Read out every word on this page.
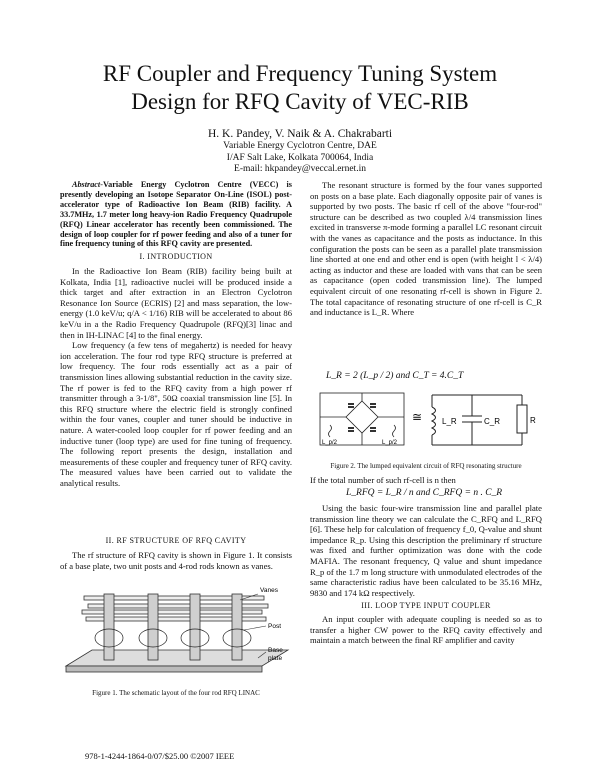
RF Coupler and Frequency Tuning System
Design for RFQ Cavity of VEC-RIB
H. K. Pandey, V. Naik & A. Chakrabarti
Variable Energy Cyclotron Centre, DAE
I/AF Salt Lake, Kolkata 700064, India
E-mail: hkpandey@veccal.ernet.in

Abstract-Variable Energy Cyclotron Centre (VECC) is presently developing an Isotope Separator On-Line (ISOL) post-accelerator type of Radioactive Ion Beam (RIB) facility. A 33.7MHz, 1.7 meter long heavy-ion Radio Frequency Quadrupole (RFQ) Linear accelerator has recently been commissioned. The design of loop coupler for rf power feeding and also of a tuner for fine frequency tuning of this RFQ cavity are presented.

I. INTRODUCTION

In the Radioactive Ion Beam (RIB) facility being built at Kolkata, India [1], radioactive nuclei will be produced inside a thick target and after extraction in an Electron Cyclotron Resonance Ion Source (ECRIS) [2] and mass separation, the low-energy (1.0 keV/u; q/A < 1/16) RIB will be accelerated to about 86 keV/u in a the Radio Frequency Quadrupole (RFQ)[3] linac and then in IH-LINAC [4] to the final energy.

Low frequency (a few tens of megahertz) is needed for heavy ion acceleration. The four rod type RFQ structure is preferred at low frequency. The four rods essentially act as a pair of transmission lines allowing substantial reduction in the cavity size. The rf power is fed to the RFQ cavity from a high power rf transmitter through a 3-1/8", 50Ω coaxial transmission line [5]. In this RFQ structure where the electric field is strongly confined within the four vanes, coupler and tuner should be inductive in nature. A water-cooled loop coupler for rf power feeding and an inductive tuner (loop type) are used for fine tuning of frequency. The following report presents the design, installation and measurements of these coupler and frequency tuner of RFQ cavity. The measured values have been carried out to validate the analytical results.

II. RF STRUCTURE OF RFQ CAVITY

The rf structure of RFQ cavity is shown in Figure 1. It consists of a base plate, two unit posts and 4-rod rods known as vanes.

Vanes
Post
Base
plate
Figure 1. The schematic layout of the four rod RFQ LINAC

The resonant structure is formed by the four vanes supported on posts on a base plate. Each diagonally opposite pair of vanes is supported by two posts. The basic rf cell of the above "four-rod" structure can be described as two coupled λ/4 transmission lines excited in transverse π-mode forming a parallel LC resonant circuit with the vanes as capacitance and the posts as inductance. In this configuration the posts can be seen as a parallel plate transmission line shorted at one end and other end is open (with height l < λ/4) acting as inductor and these are loaded with vans that can be seen as capacitance (open coded transmission line). The lumped equivalent circuit of one resonating rf-cell is shown in Figure 2. The total capacitance of resonating structure of one rf-cell is C_R and inductance is L_R. Where

L_R = 2 (L_p / 2) and C_T = 4.C_T
L_p/2	L_p/2
≅ L_R	C_R	R
Figure 2. The lumped equivalent circuit of RFQ resonating structure

If the total number of such rf-cell is n then

L_RFQ = L_R / n and C_RFQ = n . C_R

Using the basic four-wire transmission line and parallel plate transmission line theory we can calculate the C_RFQ and L_RFQ [6]. These help for calculation of frequency f_0, Q-value and shunt impedance R_p. Using this description the preliminary rf structure was fixed and further optimization was done with the code MAFIA. The resonant frequency, Q value and shunt impedance R_p of the 1.7 m long structure with unmodulated electrodes of the same characteristic radius have been calculated to be 35.16 MHz, 9830 and 174 kΩ respectively.

III. LOOP TYPE INPUT COUPLER

An input coupler with adequate coupling is needed so as to transfer a higher CW power to the RFQ cavity effectively and maintain a match between the final RF amplifier and cavity

978-1-4244-1864-0/07/$25.00 ©2007 IEEE
